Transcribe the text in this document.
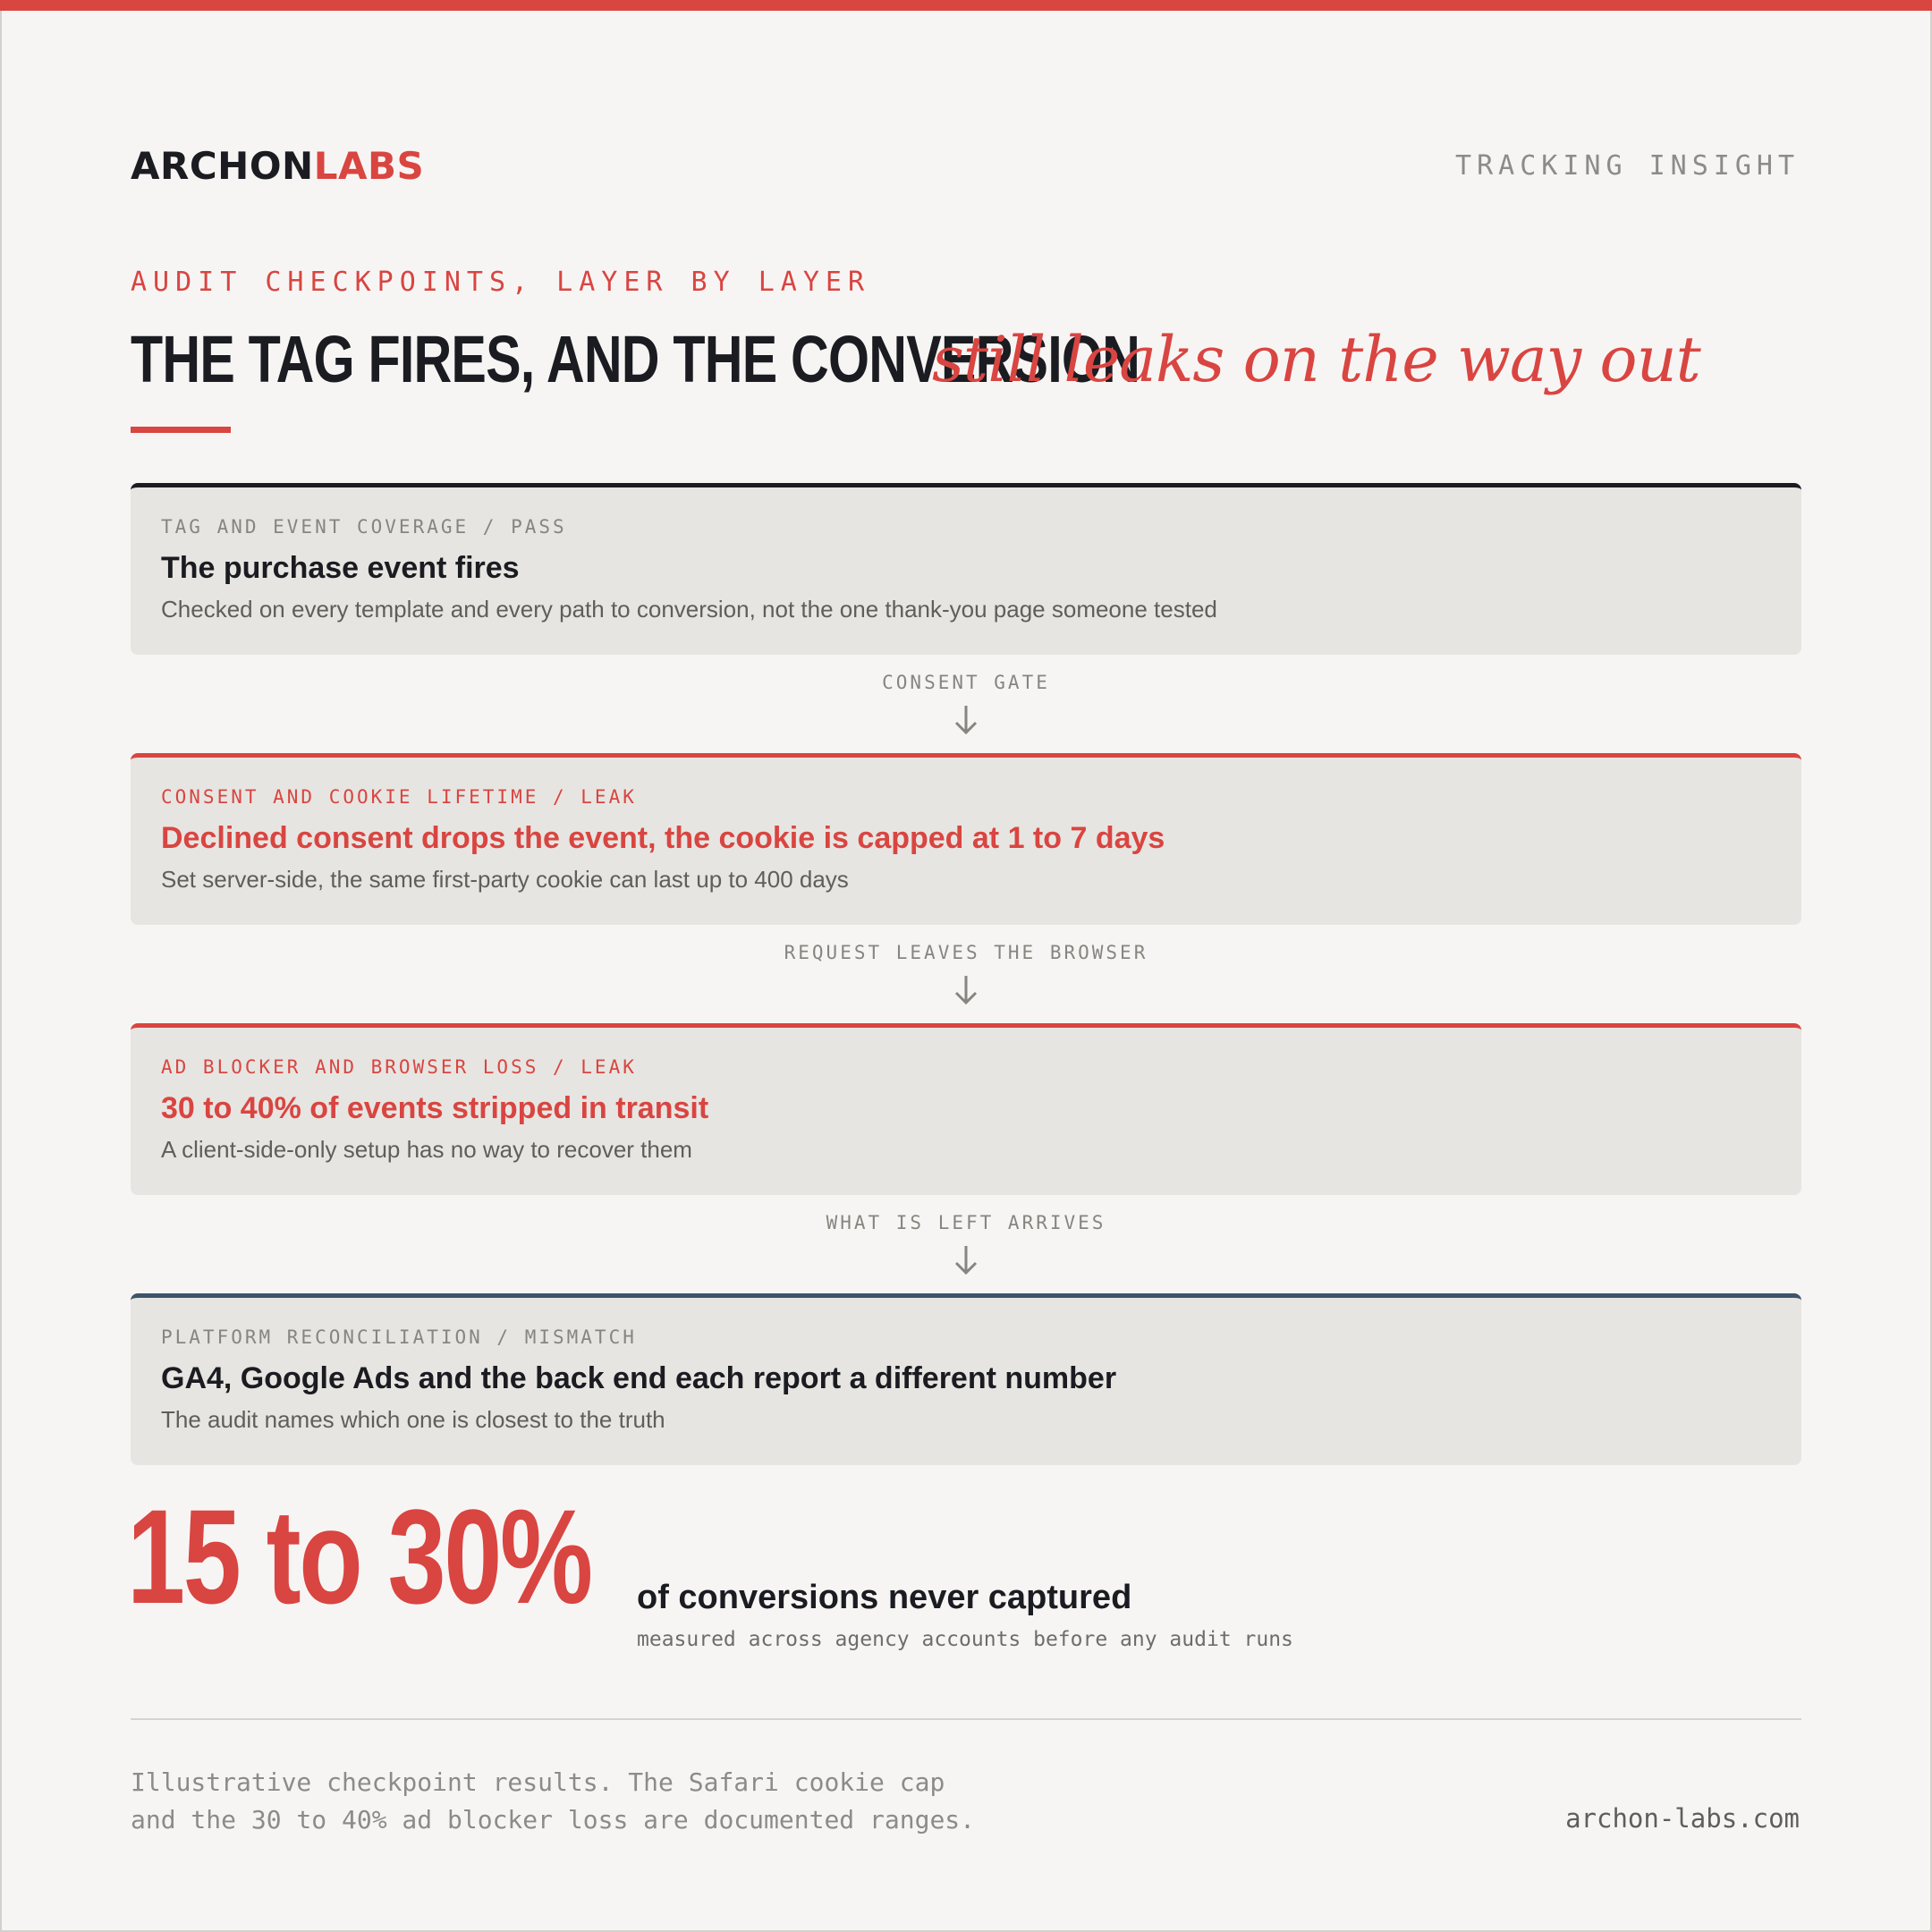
ARCHONLABS	TRACKING INSIGHT
AUDIT CHECKPOINTS, LAYER BY LAYER
THE TAG FIRES, AND THE CONVERSION
still leaks on the way out
TAG AND EVENT COVERAGE / PASS
The purchase event fires
Checked on every template and every path to conversion, not the one thank-you page someone tested
CONSENT GATE
CONSENT AND COOKIE LIFETIME / LEAK
Declined consent drops the event, the cookie is capped at 1 to 7 days
Set server-side, the same first-party cookie can last up to 400 days
REQUEST LEAVES THE BROWSER
AD BLOCKER AND BROWSER LOSS / LEAK
30 to 40% of events stripped in transit
A client-side-only setup has no way to recover them
WHAT IS LEFT ARRIVES
PLATFORM RECONCILIATION / MISMATCH
GA4, Google Ads and the back end each report a different number
The audit names which one is closest to the truth
15 to 30% of conversions never captured
measured across agency accounts before any audit runs
Illustrative checkpoint results. The Safari cookie cap
and the 30 to 40% ad blocker loss are documented ranges.	archon-labs.com
